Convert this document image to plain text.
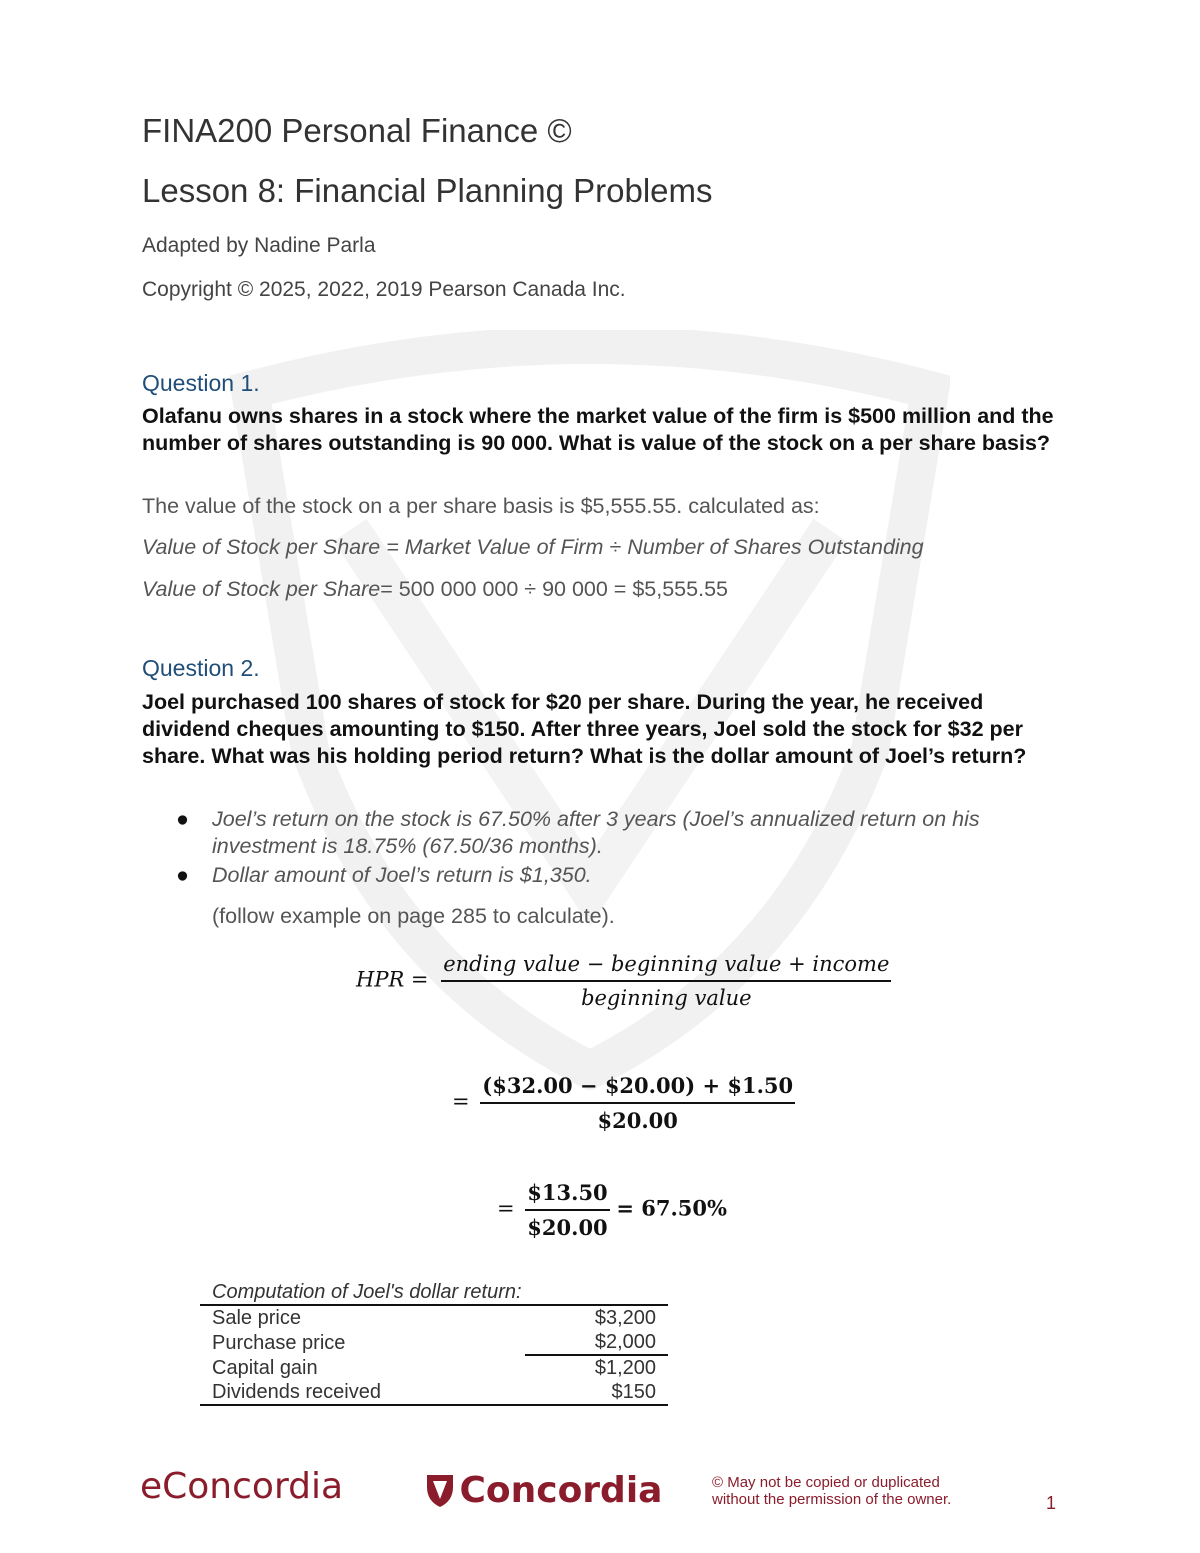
FINA200 Personal Finance ©
Lesson 8: Financial Planning Problems
Adapted by Nadine Parla
Copyright © 2025, 2022, 2019 Pearson Canada Inc.
Question 1.
Olafanu owns shares in a stock where the market value of the firm is $500 million and the number of shares outstanding is 90 000. What is value of the stock on a per share basis?
The value of the stock on a per share basis is $5,555.55. calculated as:
Value of Stock per Share = Market Value of Firm ÷ Number of Shares Outstanding
Value of Stock per Share= 500 000 000 ÷ 90 000 = $5,555.55
Question 2.
Joel purchased 100 shares of stock for $20 per share. During the year, he received dividend cheques amounting to $150. After three years, Joel sold the stock for $32 per share. What was his holding period return? What is the dollar amount of Joel’s return?
● Joel’s return on the stock is 67.50% after 3 years (Joel’s annualized return on his investment is 18.75% (67.50/36 months).
● Dollar amount of Joel’s return is $1,350.
(follow example on page 285 to calculate).
HPR = $\frac{\text{ending value − beginning value + income}}{\text{beginning value}}$
= $\frac{(\$32.00 - \$20.00) + \$1.50}{\$20.00}$
= $\frac{\$13.50}{\$20.00} = 67.50\%$
Computation of Joel's dollar return:	
Sale price	$3,200
Purchase price	$2,000
Capital gain	$1,200
Dividends received	$150
eConcordia	Concordia	© May not be copied or duplicated
without the permission of the owner.	1
